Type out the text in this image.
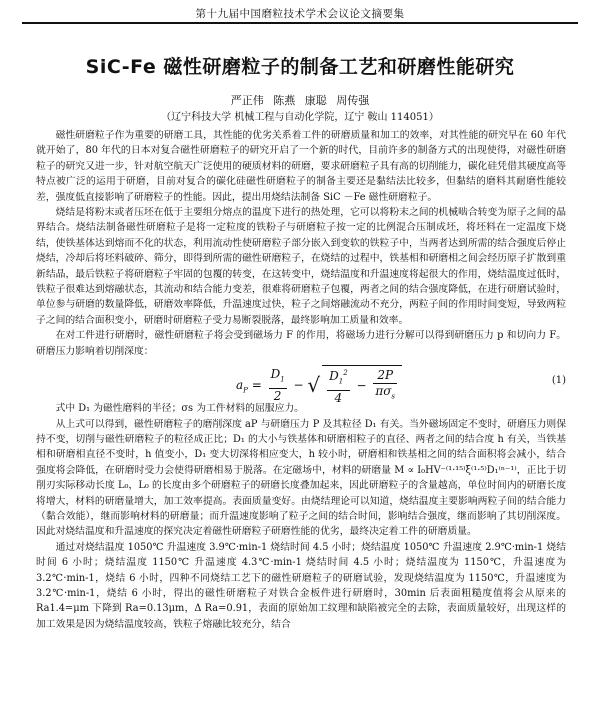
第十九届中国磨粒技术学术会议论文摘要集
SiC-Fe 磁性研磨粒子的制备工艺和研磨性能研究
严正伟 陈燕 康聪 周传强
（辽宁科技大学 机械工程与自动化学院，辽宁 鞍山 114051）

磁性研磨粒子作为重要的研磨工具，其性能的优劣关系着工件的研磨质量和加工的效率，对其性能的研究早在 60 年代就开始了，80 年代的日本对复合磁性研磨粒子的研究开启了一个新的时代，目前许多的制备方式的出现使得，对磁性研磨粒子的研究又进一步，针对航空航天广泛使用的硬质材料的研磨，要求研磨粒子具有高的切削能力，碳化硅凭借其硬度高等特点被广泛的运用于研磨，目前对复合的碳化硅磁性研磨粒子的制备主要还是黏结法比较多，但黏结的磨料其耐磨性能较差，强度低直接影响了研磨粒子的性能。因此，提出用烧结法制备 SiC －Fe 磁性研磨粒子。

烧结是将粉末或者压坯在低于主要组分熔点的温度下进行的热处理，它可以将粉末之间的机械啮合转变为原子之间的晶界结合。烧结法制备磁性研磨粒子是将一定粒度的铁粉子与研磨粒子按一定的比例混合压制成坯，将坯料在一定温度下烧结，使铁基体达到熔而不化的状态，利用流动性使研磨粒子部分嵌入到变软的铁粒子中，当两者达到所需的结合强度后停止烧结，冷却后将坯料破碎、筛分，即得到所需的磁性研磨粒子，在烧结的过程中，铁基相和研磨相之间会经历原子扩散到重新结晶，最后铁粒子将研磨粒子牢固的包覆的转变，在这转变中，烧结温度和升温速度将起很大的作用，烧结温度过低时，铁粒子很难达到熔融状态，其流动和结合能力变差，很难将研磨粒子包覆，两者之间的结合强度降低，在进行研磨试验时，单位参与研磨的数量降低，研磨效率降低，升温速度过快，粒子之间熔融流动不充分，两粒子间的作用时间变短，导致两粒子之间的结合面积变小，研磨时研磨粒子受力易断裂脱落，最终影响加工质量和效率。

在对工件进行研磨时，磁性研磨粒子将会受到磁场力 F 的作用，将磁场力进行分解可以得到研磨压力 p 和切向力 F。研磨压力影响着切削深度：

$a_P = \frac{D_1}{2}$ − √ $\frac{D_1^2}{4} - \frac{2P}{\pi\sigma_s}$	(1)

式中 D₁ 为磁性磨料的半径；σs 为工件材料的屈服应力。

从上式可以得到，磁性研磨粒子的磨削深度 aP 与研磨压力 P 及其粒径 D₁ 有关。当外磁场固定不变时，研磨压力则保持不变，切削与磁性研磨粒子的粒径成正比；D₁ 的大小与铁基体和研磨相粒子的直径、两者之间的结合度 h 有关，当铁基相和研磨相直径不变时，h 值变小，D₁ 变大切深将相应变大，h 较小时，研磨相和铁基相之间的结合面积将会减小，结合强度将会降低，在研磨时受力会使得研磨相易于脱落。在定磁场中，材料的研磨量 M ∝ I₀HV⁻⁽¹·¹⁵⁾ξ⁽¹·⁵⁾D₁⁽ⁿ⁻¹⁾，正比于切削刃实际移动长度 L₀，L₀ 的长度由多个研磨粒子的研磨长度叠加起来，因此研磨粒子的含量越高，单位时间内的研磨长度将增大，材料的研磨量增大，加工效率提高。表面质量变好。由烧结理论可以知道，烧结温度主要影响两粒子间的结合能力（黏合效能），继而影响材料的研磨量；而升温速度影响了粒子之间的结合时间，影响结合强度，继而影响了其切削深度。因此对烧结温度和升温速度的探究决定着磁性研磨粒子研磨性能的优劣，最终决定着工件的研磨质量。

通过对烧结温度 1050℃ 升温速度 3.9℃·min-1 烧结时间 4.5 小时；烧结温度 1050℃ 升温速度 2.9℃·min-1 烧结时间 6 小时；烧结温度 1150℃ 升温速度 4.3℃·min-1 烧结时间 4.5 小时；烧结温度为 1150℃，升温速度为 3.2℃·min-1，烧结 6 小时，四种不同烧结工艺下的磁性研磨粒子的研磨试验，发现烧结温度为 1150℃，升温速度为 3.2℃·min-1，烧结 6 小时，得出的磁性研磨粒子对铁合金板件进行研磨时，30min 后表面粗糙度值将会从原来的 Ra1.4=μm 下降到 Ra=0.13μm，Δ Ra=0.91，表面的原始加工纹理和缺陷被完全的去除，表面质量较好，出现这样的加工效果是因为烧结温度较高，铁粒子熔融比较充分，结合
